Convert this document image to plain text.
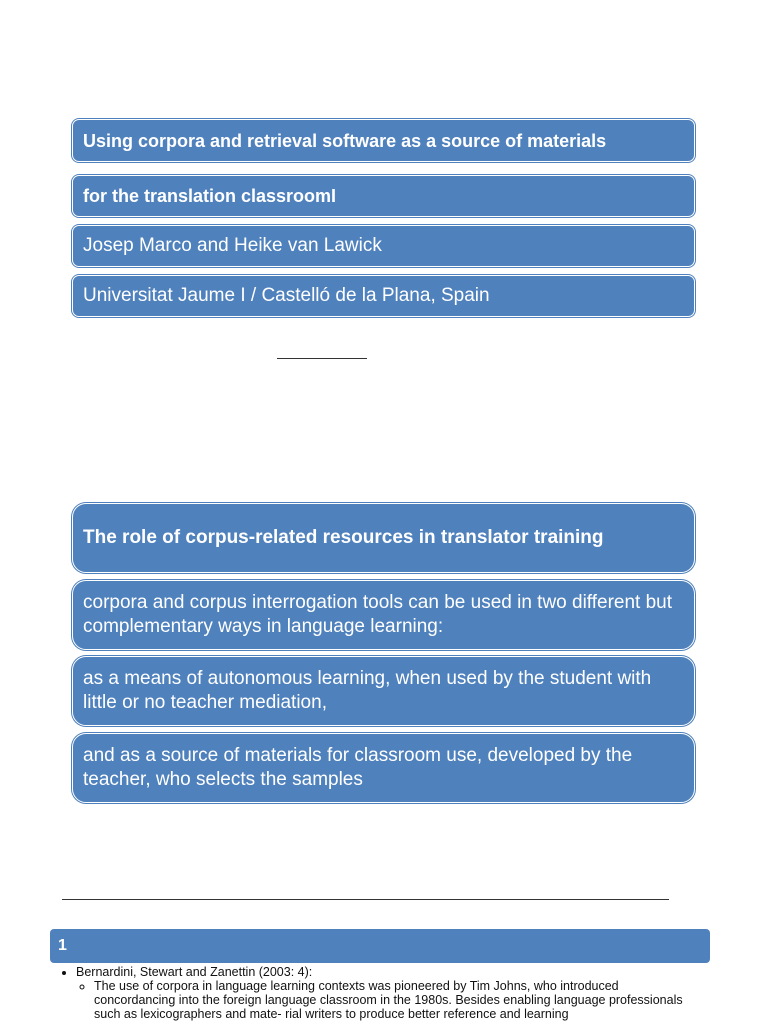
Using corpora and retrieval software as a source of materials
for the translation classroomI
Josep Marco and Heike van Lawick
Universitat Jaume I / Castelló de la Plana, Spain
The role of corpus-related resources in translator training
corpora and corpus interrogation tools can be used in two different but complementary ways in language learning:
as a means of autonomous learning, when used by the student with little or no teacher mediation,
and as a source of materials for classroom use, developed by the teacher, who selects the samples
1
• Bernardini, Stewart and Zanettin (2003: 4):
◦ The use of corpora in language learning contexts was pioneered by Tim Johns, who introduced concordancing into the foreign language classroom in the 1980s. Besides enabling language professionals such as lexicographers and mate- rial writers to produce better reference and learning
